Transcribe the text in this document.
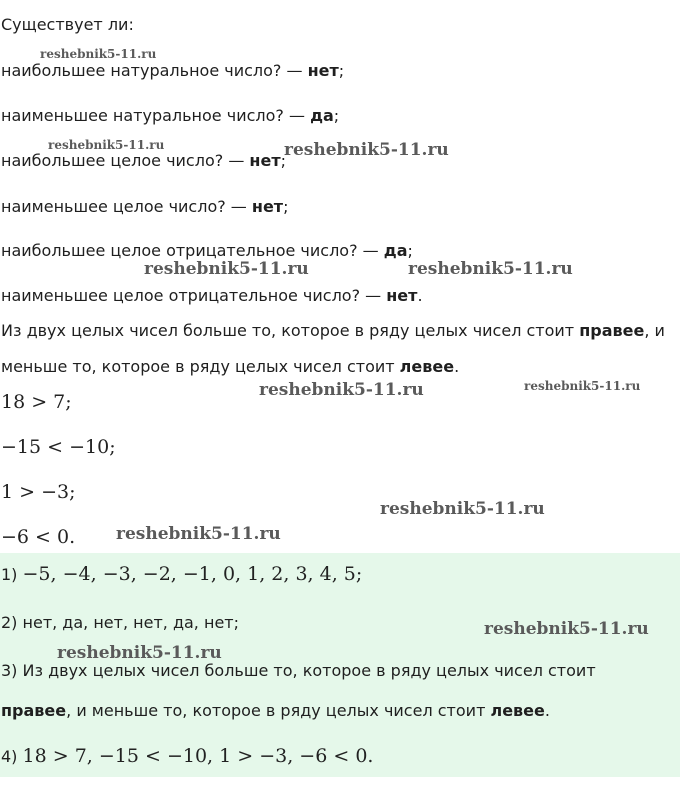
Существует ли:
наибольшее натуральное число? — нет;
наименьшее натуральное число? — да;
наибольшее целое число? — нет;
наименьшее целое число? — нет;
наибольшее целое отрицательное число? — да;
наименьшее целое отрицательное число? — нет.
Из двух целых чисел больше то, которое в ряду целых чисел стоит правее, и
меньше то, которое в ряду целых чисел стоит левее.
18 > 7;
−15 < −10;
1 > −3;
−6 < 0.
1) −5, −4, −3, −2, −1, 0, 1, 2, 3, 4, 5;
2) нет, да, нет, нет, да, нет;
3) Из двух целых чисел больше то, которое в ряду целых чисел стоит
правее, и меньше то, которое в ряду целых чисел стоит левее.
4) 18 > 7, −15 < −10, 1 > −3, −6 < 0.
reshebnik5-11.ru
reshebnik5-11.ru	reshebnik5-11.ru
reshebnik5-11.ru	reshebnik5-11.ru
reshebnik5-11.ru	reshebnik5-11.ru
reshebnik5-11.ru
reshebnik5-11.ru
reshebnik5-11.ru
reshebnik5-11.ru
